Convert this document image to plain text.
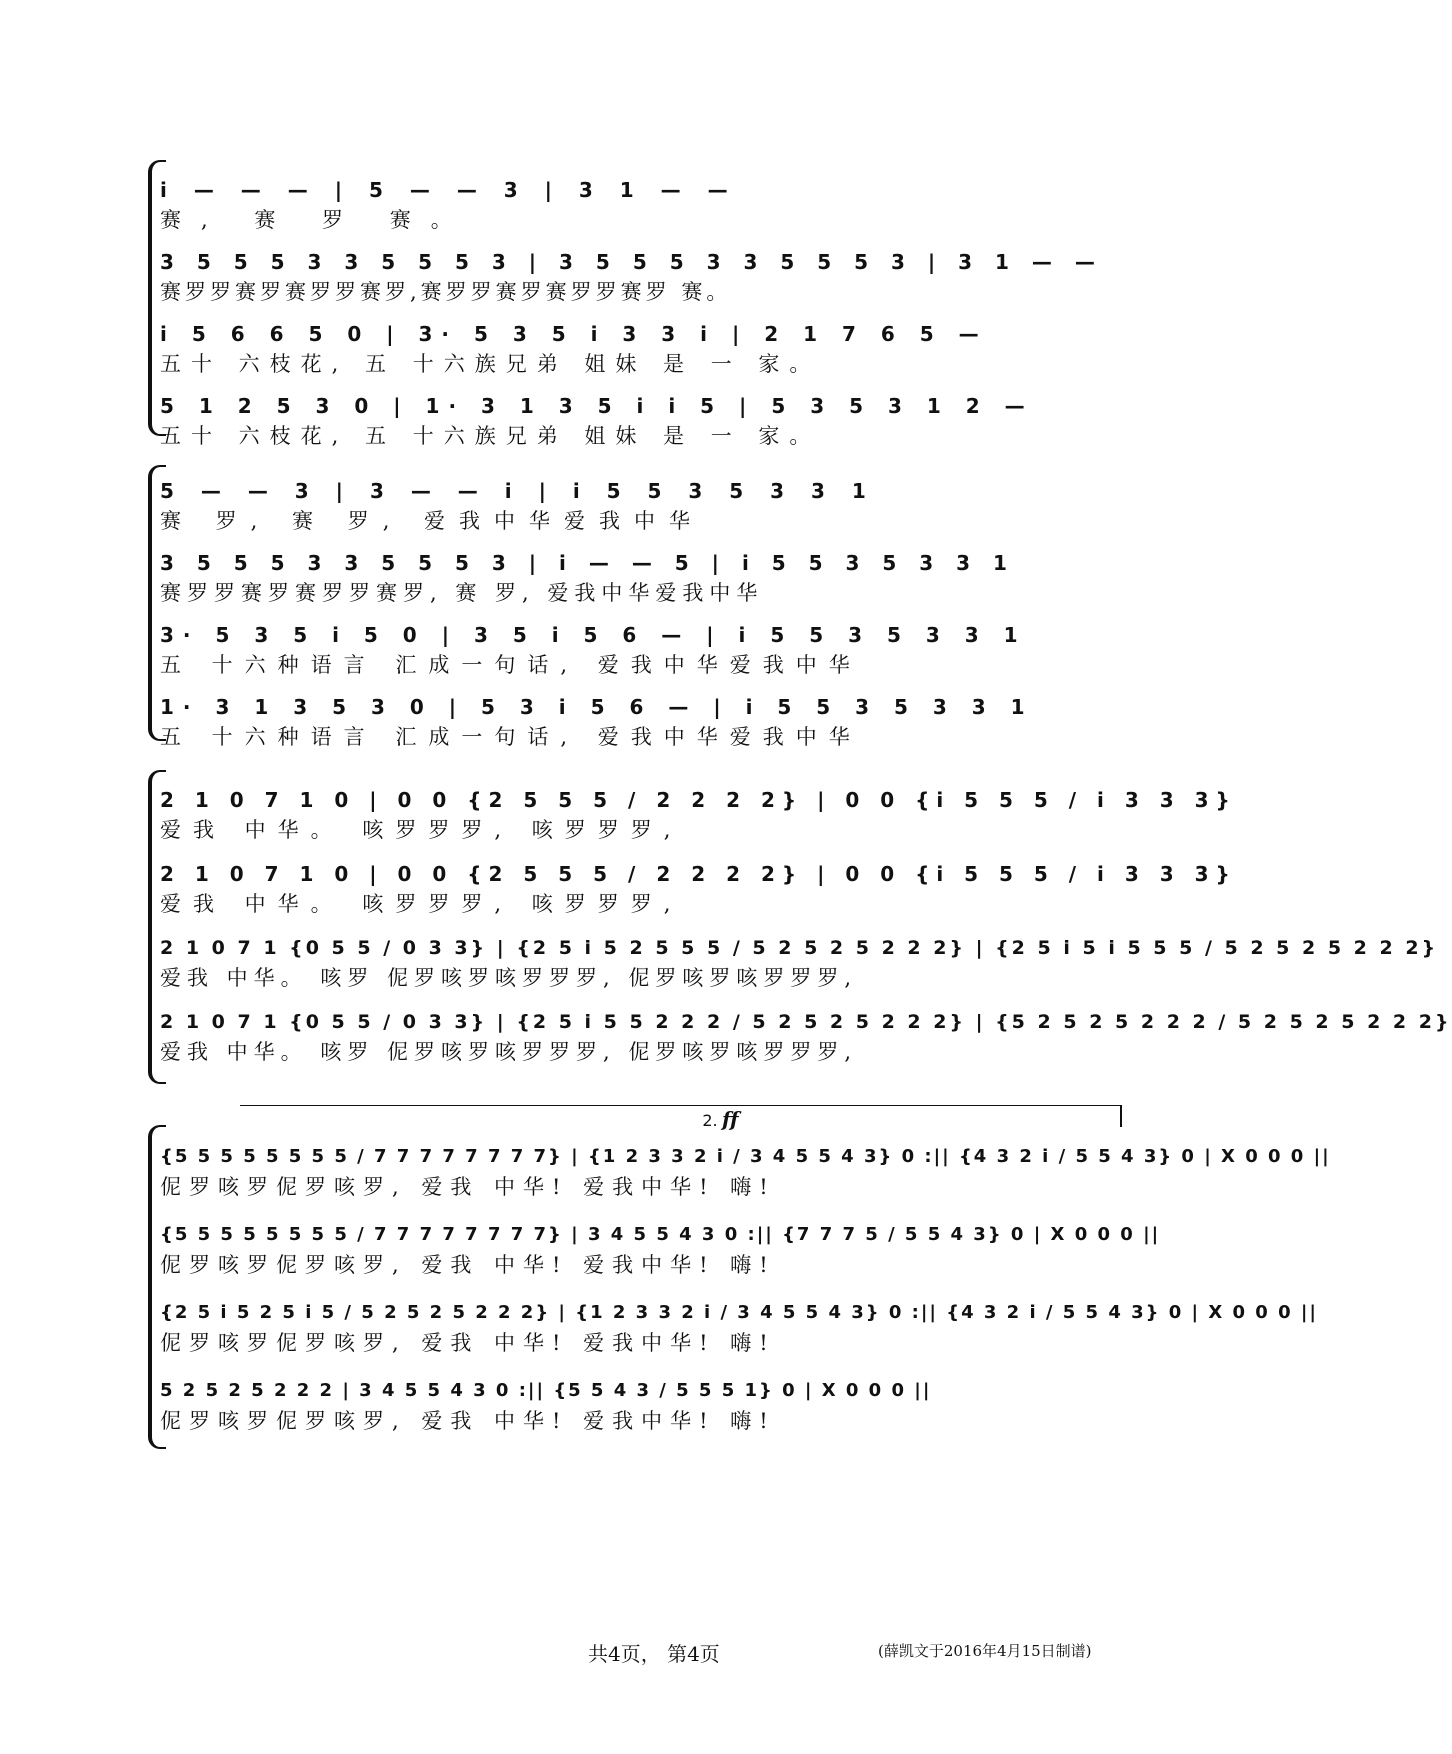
i — — — | 5 — — 3 | 3 1 — —
赛, 赛 罗 赛。
3 5 5 5 3 3 5 5 5 3 | 3 5 5 5 3 3 5 5 5 3 | 3 1 — —
赛罗罗赛罗赛罗罗赛罗,赛罗罗赛罗赛罗罗赛罗 赛。
i 5 6 6 5 0 | 3· 5 3 5 i 3 3 i | 2 1 7 6 5 —
五十 六枝花, 五 十六族兄弟 姐妹 是 一 家。
5 1 2 5 3 0 | 1· 3 1 3 5 i i 5 | 5 3 5 3 1 2 —
五十 六枝花, 五 十六族兄弟 姐妹 是 一 家。
5 — — 3 | 3 — — i | i 5 5 3 5 3 3 1
赛 罗, 赛 罗, 爱我中华爱我中华
3 5 5 5 3 3 5 5 5 3 | i — — 5 | i 5 5 3 5 3 3 1
赛罗罗赛罗赛罗罗赛罗, 赛 罗, 爱我中华爱我中华
3· 5 3 5 i 5 0 | 3 5 i 5 6 — | i 5 5 3 5 3 3 1
五 十六种语言 汇成一句话, 爱我中华爱我中华
1· 3 1 3 5 3 0 | 5 3 i 5 6 — | i 5 5 3 5 3 3 1
五 十六种语言 汇成一句话, 爱我中华爱我中华
2 1 0 7 1 0 | 0 0 {2 5 5 5 / 2 2 2 2} | 0 0 {i 5 5 5 / i 3 3 3}
爱我 中华。 咳罗罗罗, 咳罗罗罗,
2 1 0 7 1 0 | 0 0 {2 5 5 5 / 2 2 2 2} | 0 0 {i 5 5 5 / i 3 3 3}
爱我 中华。 咳罗罗罗, 咳罗罗罗,
2 1 0 7 1 {0 5 5 / 0 3 3} | {2 5 i 5 2 5 5 5 / 5 2 5 2 5 2 2 2} | {2 5 i 5 i 5 5 5 / 5 2 5 2 5 2 2 2}
爱我 中华。 咳罗 伲罗咳罗咳罗罗罗, 伲罗咳罗咳罗罗罗,
2 1 0 7 1 {0 5 5 / 0 3 3} | {2 5 i 5 5 2 2 2 / 5 2 5 2 5 2 2 2} | {5 2 5 2 5 2 2 2 / 5 2 5 2 5 2 2 2}
爱我 中华。 咳罗 伲罗咳罗咳罗罗罗, 伲罗咳罗咳罗罗罗,
2. ff
{5 5 5 5 5 5 5 5 / 7 7 7 7 7 7 7 7} | {1 2 3 3 2 i / 3 4 5 5 4 3} 0 :|| {4 3 2 i / 5 5 4 3} 0 | X 0 0 0 ||
伲罗咳罗伲罗咳罗, 爱我 中华! 爱我中华! 嗨!
{5 5 5 5 5 5 5 5 / 7 7 7 7 7 7 7 7} | 3 4 5 5 4 3 0 :|| {7 7 7 5 / 5 5 4 3} 0 | X 0 0 0 ||
伲罗咳罗伲罗咳罗, 爱我 中华! 爱我中华! 嗨!
{2 5 i 5 2 5 i 5 / 5 2 5 2 5 2 2 2} | {1 2 3 3 2 i / 3 4 5 5 4 3} 0 :|| {4 3 2 i / 5 5 4 3} 0 | X 0 0 0 ||
伲罗咳罗伲罗咳罗, 爱我 中华! 爱我中华! 嗨!
5 2 5 2 5 2 2 2 | 3 4 5 5 4 3 0 :|| {5 5 4 3 / 5 5 5 1} 0 | X 0 0 0 ||
伲罗咳罗伲罗咳罗, 爱我 中华! 爱我中华! 嗨!
共4页， 第4页	(薛凯文于2016年4月15日制谱)
